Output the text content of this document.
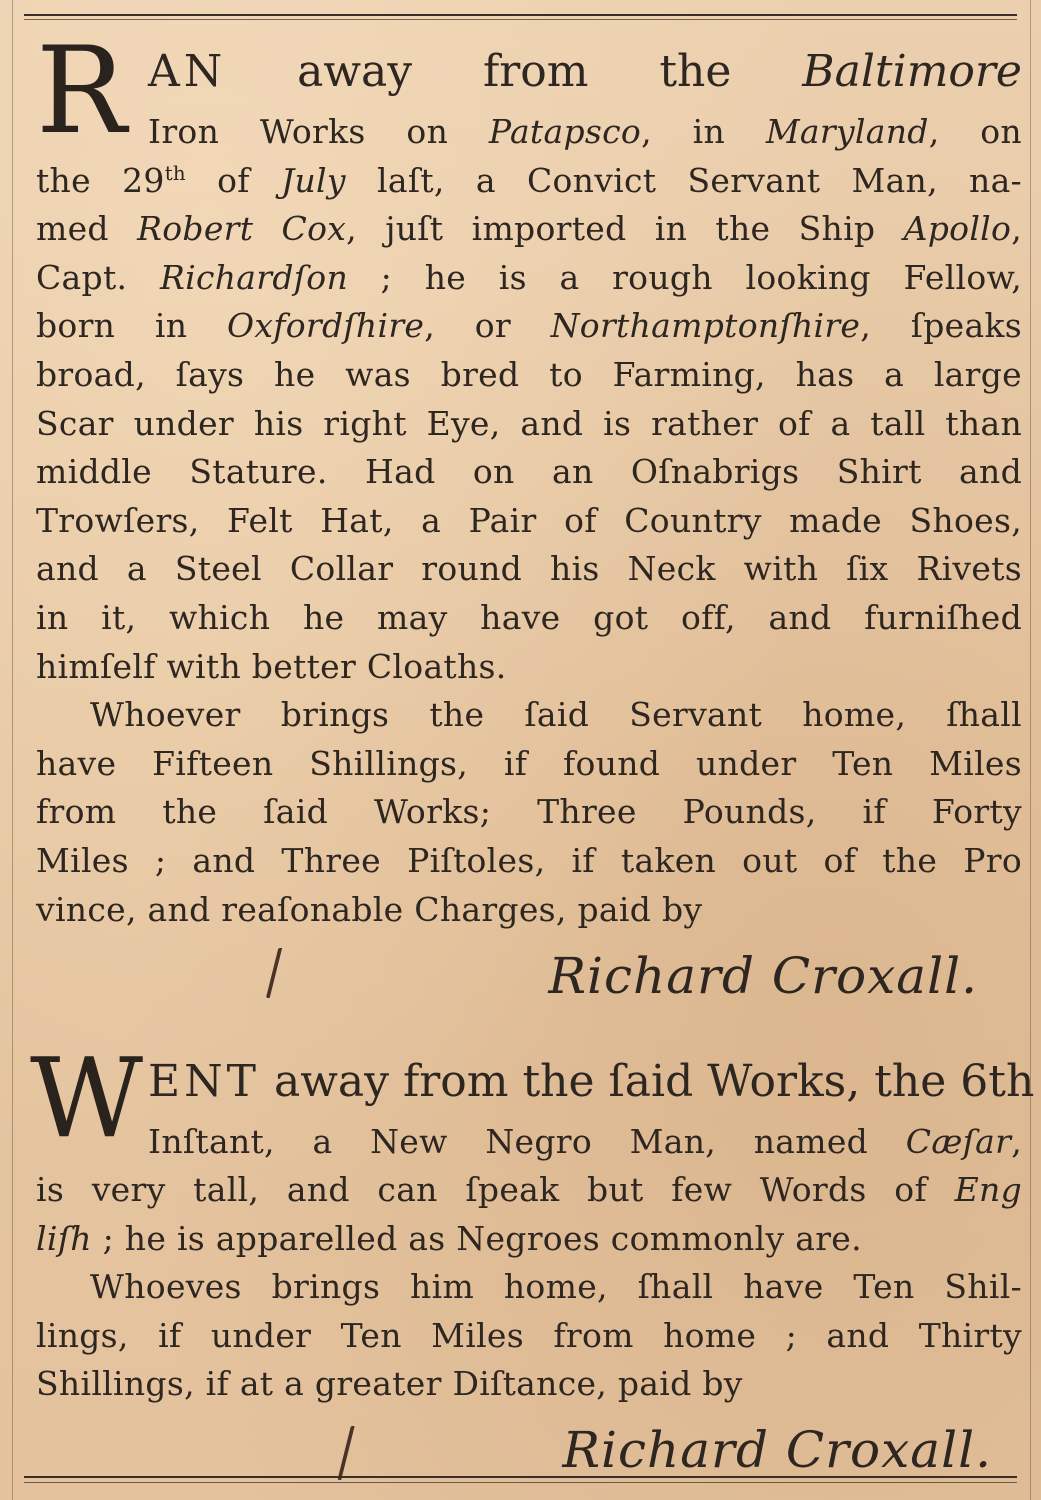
R AN away from the Baltimore
Iron Works on Patapsco, in Maryland, on
the 29th of July laſt, a Convict Servant Man, na-
med Robert Cox, juſt imported in the Ship Apollo,
Capt. Richardſon ; he is a rough looking Fellow,
born in Oxfordſhire, or Northamptonſhire, ſpeaks
broad, ſays he was bred to Farming, has a large
Scar under his right Eye, and is rather of a tall than
middle Stature. Had on an Oſnabrigs Shirt and
Trowſers, Felt Hat, a Pair of Country made Shoes,
and a Steel Collar round his Neck with ſix Rivets
in it, which he may have got off, and furniſhed
himſelf with better Cloaths.
Whoever brings the ſaid Servant home, ſhall
have Fifteen Shillings, if found under Ten Miles
from the ſaid Works; Three Pounds, if Forty
Miles ; and Three Piſtoles, if taken out of the Pro
vince, and reaſonable Charges, paid by
Richard Croxall.
W ENT away from the ſaid Works, the 6th
Inſtant, a New Negro Man, named Cæſar,
is very tall, and can ſpeak but few Words of Eng
liſh ; he is apparelled as Negroes commonly are.
Whoeves brings him home, ſhall have Ten Shil-
lings, if under Ten Miles from home ; and Thirty
Shillings, if at a greater Diſtance, paid by
Richard Croxall.
